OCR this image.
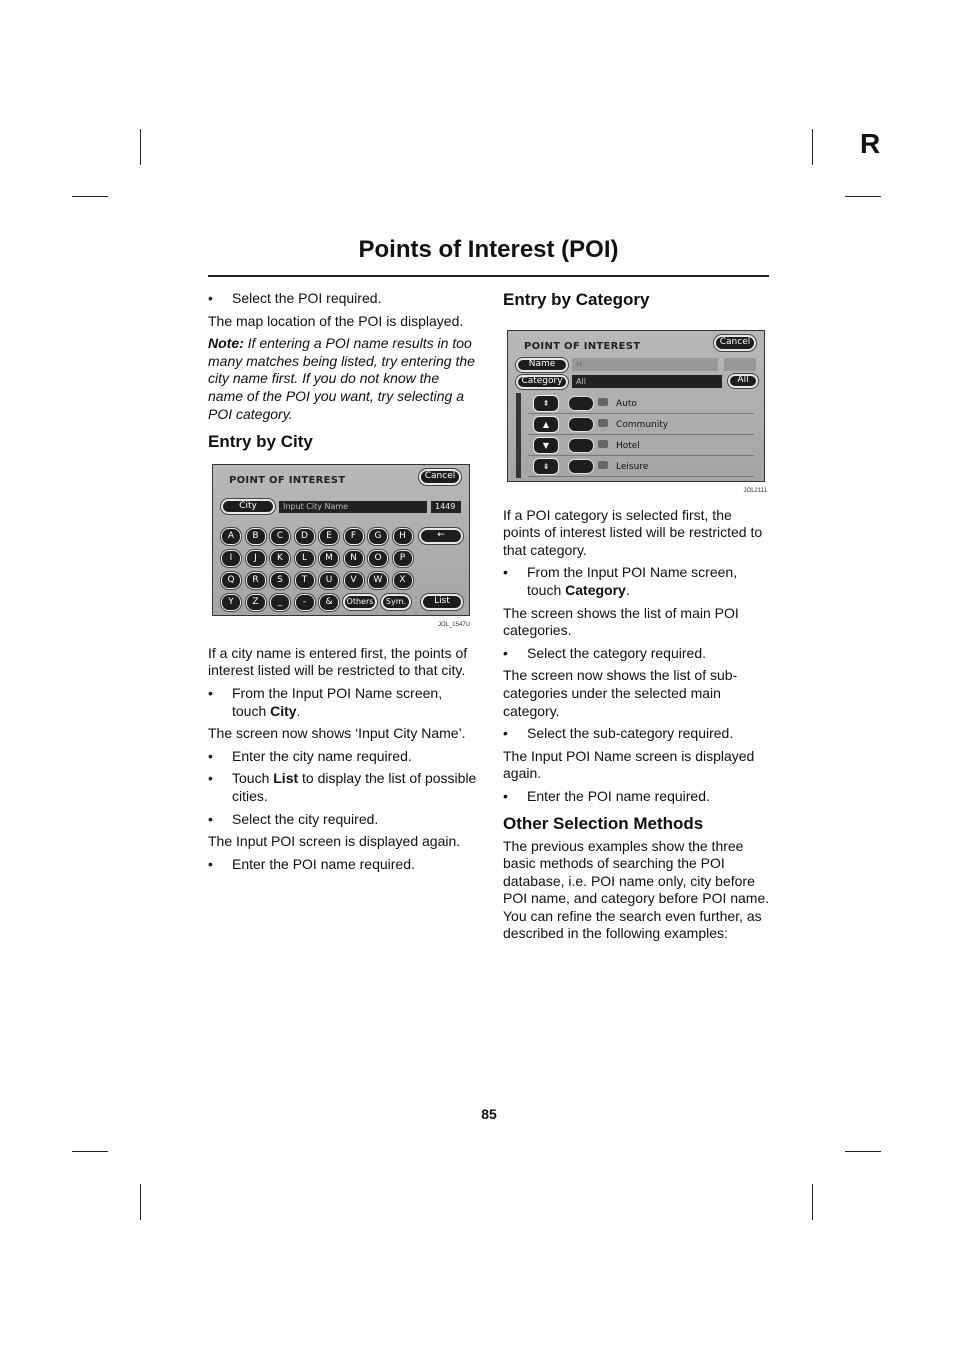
R
Points of Interest (POI)
• Select the POI required.

The map location of the POI is displayed.

Note: If entering a POI name results in too many matches being listed, try entering the city name first. If you do not know the name of the POI you want, try selecting a POI category.

Entry by City
POINT OF INTEREST	Cancel
City	Input City Name	1449
←
A	B	C	D	E	F	G	H
I	J	K	L	M	N	O	P
Q	R	S	T	U	V	W	X
Y	Z	_	-	&	Others	Sym.	List
JOL_1547U

If a city name is entered first, the points of interest listed will be restricted to that city.

• From the Input POI Name screen, touch City.

The screen now shows ‘Input City Name’.

• Enter the city name required.
• Touch List to display the list of possible cities.
• Select the city required.

The Input POI screen is displayed again.

• Enter the POI name required.
Entry by Category
POINT OF INTEREST	Cancel
Name	H
Category	All	All
⇞	Auto
▲	Community
▼	Hotel
⇟	Leisure
JOL2111

If a POI category is selected first, the points of interest listed will be restricted to that category.

• From the Input POI Name screen, touch Category.

The screen shows the list of main POI categories.

• Select the category required.

The screen now shows the list of sub-categories under the selected main category.

• Select the sub-category required.

The Input POI Name screen is displayed again.

• Enter the POI name required.
Other Selection Methods

The previous examples show the three basic methods of searching the POI database, i.e. POI name only, city before POI name, and category before POI name. You can refine the search even further, as described in the following examples:

85
